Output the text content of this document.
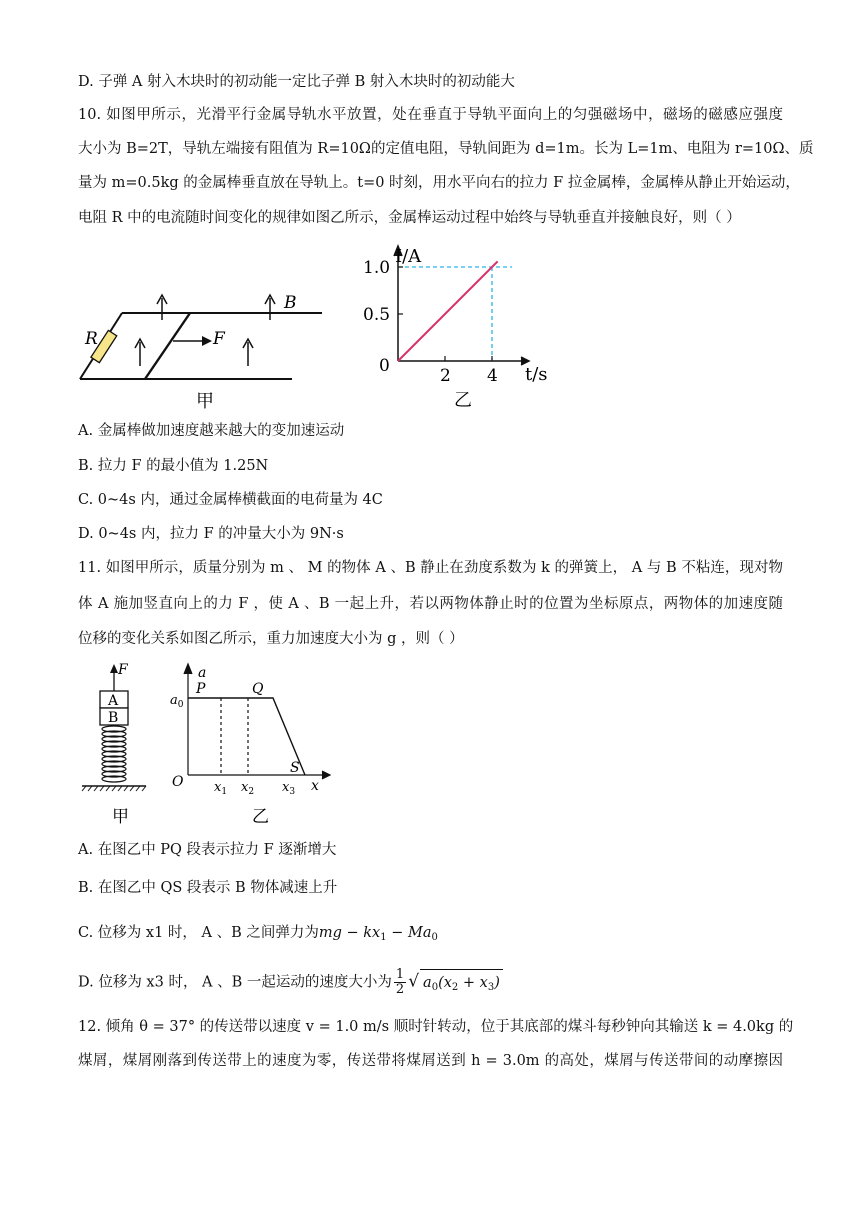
D. 子弹 A 射入木块时的初动能一定比子弹 B 射入木块时的初动能大
10. 如图甲所示，光滑平行金属导轨水平放置，处在垂直于导轨平面向上的匀强磁场中，磁场的磁感应强度
大小为 B=2T，导轨左端接有阻值为 R=10Ω的定值电阻，导轨间距为 d=1m。长为 L=1m、电阻为 r=10Ω、质
量为 m=0.5kg 的金属棒垂直放在导轨上。t=0 时刻，用水平向右的拉力 F 拉金属棒，金属棒从静止开始运动，
电阻 R 中的电流随时间变化的规律如图乙所示，金属棒运动过程中始终与导轨垂直并接触良好，则（ ）
R	F
B
甲
2 4
0.5
1.0
I/A
t/s
0
乙
A. 金属棒做加速度越来越大的变加速运动
B. 拉力 F 的最小值为 1.25N
C. 0~4s 内，通过金属棒横截面的电荷量为 4C
D. 0~4s 内，拉力 F 的冲量大小为 9N·s
11. 如图甲所示，质量分别为 m 、 M 的物体 A 、B 静止在劲度系数为 k 的弹簧上， A 与 B 不粘连，现对物
体 A 施加竖直向上的力 F ，使 A 、B 一起上升，若以两物体静止时的位置为坐标原点，两物体的加速度随
位移的变化关系如图乙所示，重力加速度大小为 g ，则（ ）
F
A
B
甲
a
$a_0$
P	Q
S
O	x
$x_1$ $x_2$ $x_3$
乙
A. 在图乙中 PQ 段表示拉力 F 逐渐增大
B. 在图乙中 QS 段表示 B 物体减速上升
C. 位移为 x1 时， A 、B 之间弹力为mg − $kx_1 - Ma_0$
D. 位移为 x3 时， A 、B 一起运动的速度大小为 $\frac{1}{2}$ √ $a_0(x_2 + x_3)$
12. 倾角 θ = 37° 的传送带以速度 v = 1.0 m/s 顺时针转动，位于其底部的煤斗每秒钟向其输送 k = 4.0kg 的
煤屑，煤屑刚落到传送带上的速度为零，传送带将煤屑送到 h = 3.0m 的高处，煤屑与传送带间的动摩擦因
